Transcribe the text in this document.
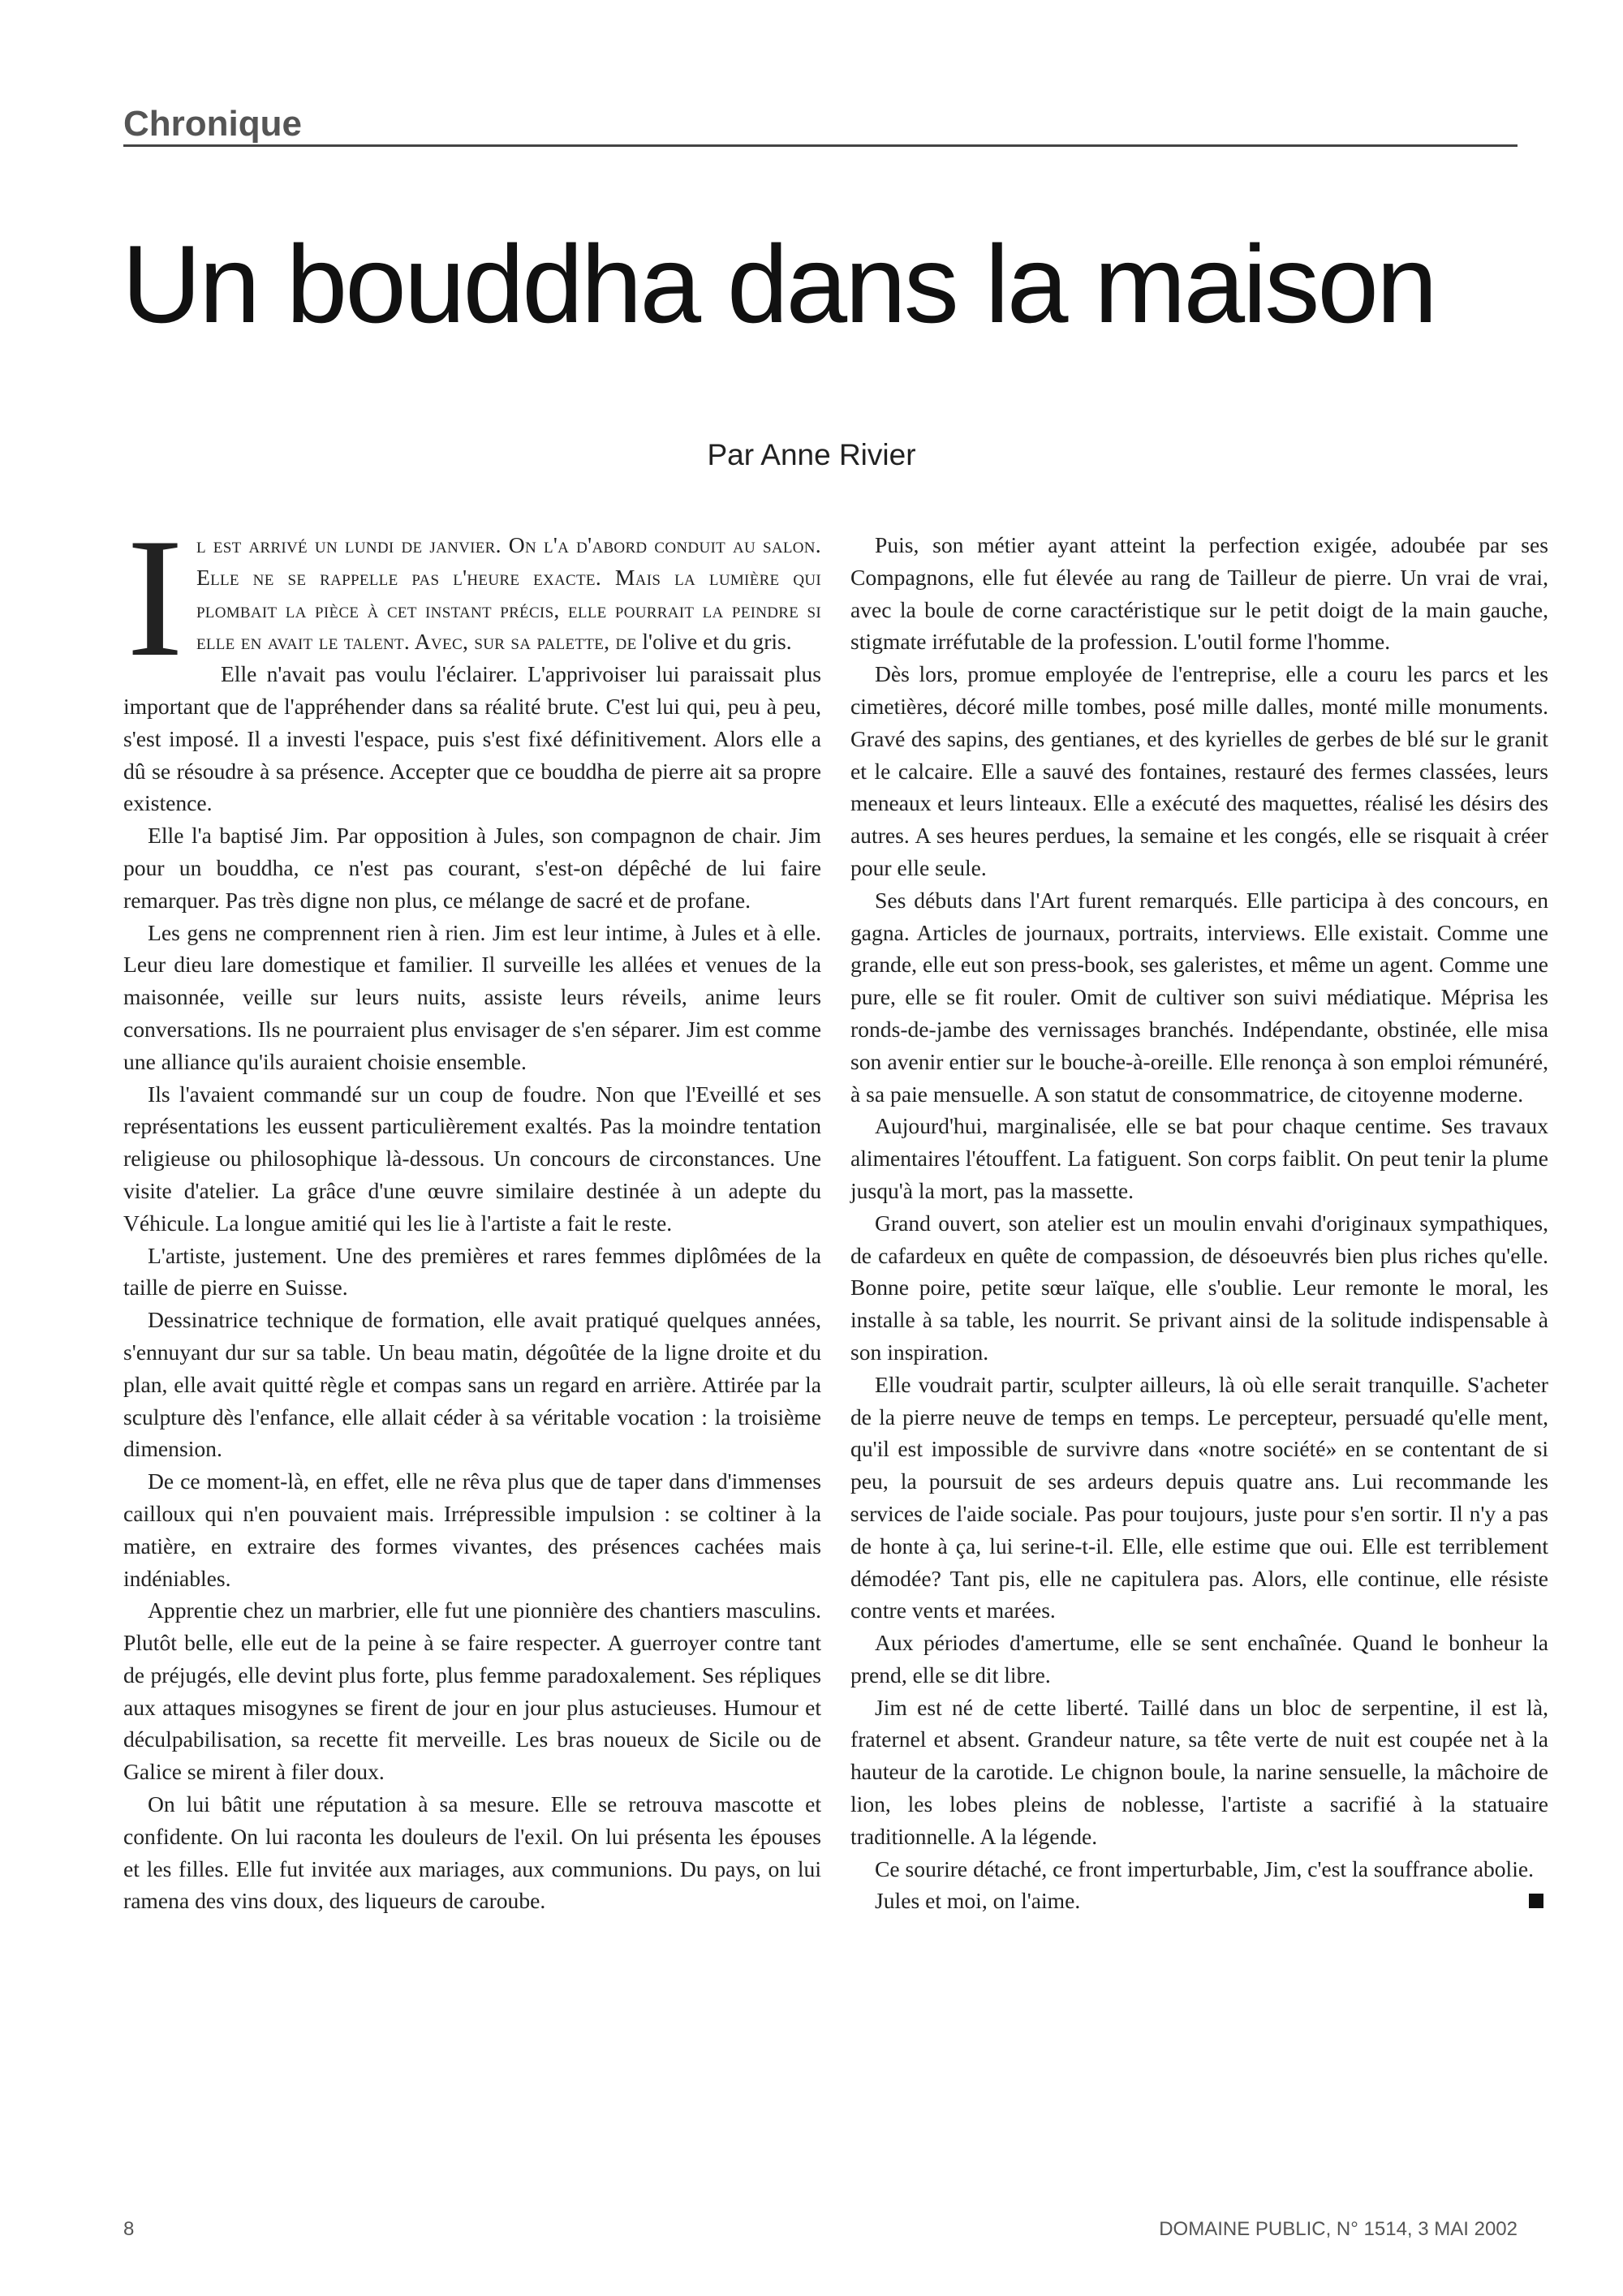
Chronique
Un bouddha dans la maison
Par Anne Rivier

Il est arrivé un lundi de janvier. On l'a d'abord conduit au salon. Elle ne se rappelle pas l'heure exacte. Mais la lumière qui plombait la pièce à cet instant précis, elle pourrait la peindre si elle en avait le talent. Avec, sur sa palette, de l'olive et du gris.

Elle n'avait pas voulu l'éclairer. L'apprivoiser lui paraissait plus important que de l'appréhender dans sa réalité brute. C'est lui qui, peu à peu, s'est imposé. Il a investi l'espace, puis s'est fixé définitivement. Alors elle a dû se résoudre à sa présence. Accepter que ce bouddha de pierre ait sa propre existence.

Elle l'a baptisé Jim. Par opposition à Jules, son compagnon de chair. Jim pour un bouddha, ce n'est pas courant, s'est-on dépêché de lui faire remarquer. Pas très digne non plus, ce mélange de sacré et de profane.

Les gens ne comprennent rien à rien. Jim est leur intime, à Jules et à elle. Leur dieu lare domestique et familier. Il surveille les allées et venues de la maisonnée, veille sur leurs nuits, assiste leurs réveils, anime leurs conversations. Ils ne pourraient plus envisager de s'en séparer. Jim est comme une alliance qu'ils auraient choisie ensemble.

Ils l'avaient commandé sur un coup de foudre. Non que l'Eveillé et ses représentations les eussent particulièrement exaltés. Pas la moindre tentation religieuse ou philosophique là-dessous. Un concours de circonstances. Une visite d'atelier. La grâce d'une œuvre similaire destinée à un adepte du Véhicule. La longue amitié qui les lie à l'artiste a fait le reste.

L'artiste, justement. Une des premières et rares femmes diplômées de la taille de pierre en Suisse.

Dessinatrice technique de formation, elle avait pratiqué quelques années, s'ennuyant dur sur sa table. Un beau matin, dégoûtée de la ligne droite et du plan, elle avait quitté règle et compas sans un regard en arrière. Attirée par la sculpture dès l'enfance, elle allait céder à sa véritable vocation : la troisième dimension.

De ce moment-là, en effet, elle ne rêva plus que de taper dans d'immenses cailloux qui n'en pouvaient mais. Irrépressible impulsion : se coltiner à la matière, en extraire des formes vivantes, des présences cachées mais indéniables.

Apprentie chez un marbrier, elle fut une pionnière des chantiers masculins. Plutôt belle, elle eut de la peine à se faire respecter. A guerroyer contre tant de préjugés, elle devint plus forte, plus femme paradoxalement. Ses répliques aux attaques misogynes se firent de jour en jour plus astucieuses. Humour et déculpabilisation, sa recette fit merveille. Les bras noueux de Sicile ou de Galice se mirent à filer doux.

On lui bâtit une réputation à sa mesure. Elle se retrouva mascotte et confidente. On lui raconta les douleurs de l'exil. On lui présenta les épouses et les filles. Elle fut invitée aux mariages, aux communions. Du pays, on lui ramena des vins doux, des liqueurs de caroube.

Puis, son métier ayant atteint la perfection exigée, adoubée par ses Compagnons, elle fut élevée au rang de Tailleur de pierre. Un vrai de vrai, avec la boule de corne caractéristique sur le petit doigt de la main gauche, stigmate irréfutable de la profession. L'outil forme l'homme.

Dès lors, promue employée de l'entreprise, elle a couru les parcs et les cimetières, décoré mille tombes, posé mille dalles, monté mille monuments. Gravé des sapins, des gentianes, et des kyrielles de gerbes de blé sur le granit et le calcaire. Elle a sauvé des fontaines, restauré des fermes classées, leurs meneaux et leurs linteaux. Elle a exécuté des maquettes, réalisé les désirs des autres. A ses heures perdues, la semaine et les congés, elle se risquait à créer pour elle seule.

Ses débuts dans l'Art furent remarqués. Elle participa à des concours, en gagna. Articles de journaux, portraits, interviews. Elle existait. Comme une grande, elle eut son press-book, ses galeristes, et même un agent. Comme une pure, elle se fit rouler. Omit de cultiver son suivi médiatique. Méprisa les ronds-de-jambe des vernissages branchés. Indépendante, obstinée, elle misa son avenir entier sur le bouche-à-oreille. Elle renonça à son emploi rémunéré, à sa paie mensuelle. A son statut de consommatrice, de citoyenne moderne.

Aujourd'hui, marginalisée, elle se bat pour chaque centime. Ses travaux alimentaires l'étouffent. La fatiguent. Son corps faiblit. On peut tenir la plume jusqu'à la mort, pas la massette.

Grand ouvert, son atelier est un moulin envahi d'originaux sympathiques, de cafardeux en quête de compassion, de désoeuvrés bien plus riches qu'elle. Bonne poire, petite sœur laïque, elle s'oublie. Leur remonte le moral, les installe à sa table, les nourrit. Se privant ainsi de la solitude indispensable à son inspiration.

Elle voudrait partir, sculpter ailleurs, là où elle serait tranquille. S'acheter de la pierre neuve de temps en temps. Le percepteur, persuadé qu'elle ment, qu'il est impossible de survivre dans «notre société» en se contentant de si peu, la poursuit de ses ardeurs depuis quatre ans. Lui recommande les services de l'aide sociale. Pas pour toujours, juste pour s'en sortir. Il n'y a pas de honte à ça, lui serine-t-il. Elle, elle estime que oui. Elle est terriblement démodée? Tant pis, elle ne capitulera pas. Alors, elle continue, elle résiste contre vents et marées.

Aux périodes d'amertume, elle se sent enchaînée. Quand le bonheur la prend, elle se dit libre.

Jim est né de cette liberté. Taillé dans un bloc de serpentine, il est là, fraternel et absent. Grandeur nature, sa tête verte de nuit est coupée net à la hauteur de la carotide. Le chignon boule, la narine sensuelle, la mâchoire de lion, les lobes pleins de noblesse, l'artiste a sacrifié à la statuaire traditionnelle. A la légende.

Ce sourire détaché, ce front imperturbable, Jim, c'est la souffrance abolie.

Jules et moi, on l'aime.

8	DOMAINE PUBLIC, N° 1514, 3 MAI 2002
